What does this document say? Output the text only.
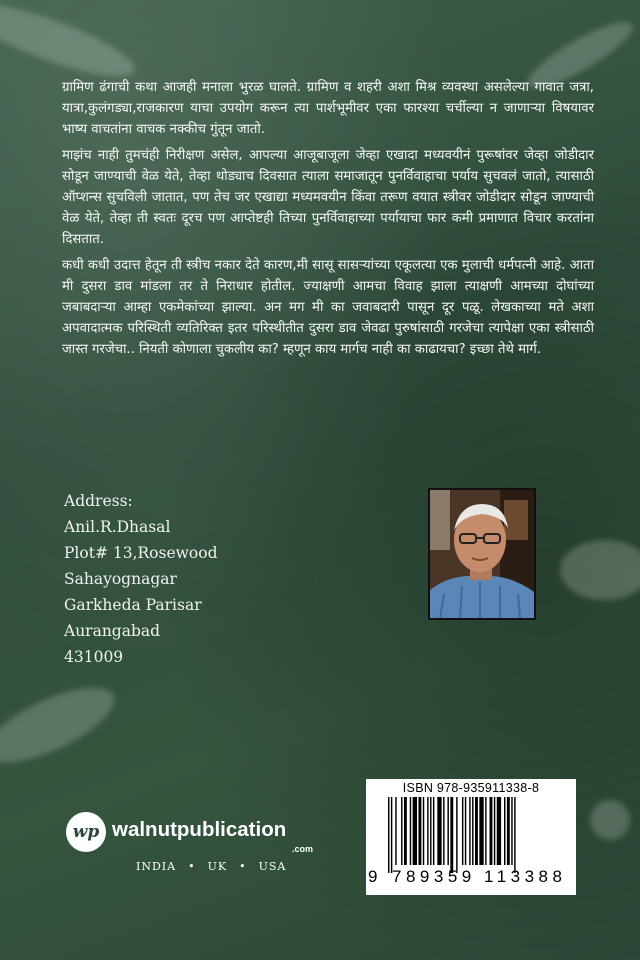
ग्रामिण ढंगाची कथा आजही मनाला भुरळ घालते. ग्रामिण व शहरी अशा मिश्र व्यवस्था असलेल्या गावात जत्रा, यात्रा,कुलंगड्या,राजकारण याचा उपयोग करून त्या पार्शभूमीवर एका फारश्या चर्चील्या न जाणाऱ्या विषयावर भाष्य वाचतांना वाचक नक्कीच गुंतून जातो.

माझंच नाही तुमचंही निरीक्षण असेल, आपल्या आजूबाजूला जेव्हा एखादा मध्यवयीनं पुरूषांवर जेव्हा जोडीदार सोडून जाण्याची वेळ येते, तेव्हा थोड्याच दिवसात त्याला समाजातून पुनर्विवाहाचा पर्याय सुचवलं जातो, त्यासाठी ऑप्शन्स सुचविली जातात, पण तेच जर एखाद्या मध्यमवयीन किंवा तरूण वयात स्त्रीवर जोडीदार सोडून जाण्याची वेळ येते, तेव्हा ती स्वतः दूरच पण आप्तेष्टही तिच्या पुनर्विवाहाच्या पर्यायाचा फार कमी प्रमाणात विचार करतांना दिसतात.

कधी कधी उदात्त हेतून ती स्त्रीच नकार देते कारण,मी सासू सासऱ्यांच्या एकूलत्या एक मुलाची धर्मपत्नी आहे. आता मी दुसरा डाव मांडला तर ते निराधार होतील. ज्याक्षणी आमचा विवाह झाला त्याक्षणी आमच्या दोघांच्या जबाबदाऱ्या आम्हा एकमेकांच्या झाल्या. अन मग मी का जवाबदारी पासून दूर पळू. लेखकाच्या मते अशा अपवादात्मक परिस्थिती व्यतिरिक्त इतर परिस्थीतीत दुसरा डाव जेवढा पुरुषांसाठी गरजेचा त्यापेक्षा एका स्त्रीसाठी जास्त गरजेचा.. नियती कोणाला चुकलीय का? म्हणून काय मार्गच नाही का काढायचा? इच्छा तेथे मार्ग.

Address:
Anil.R.Dhasal
Plot# 13,Rosewood
Sahayognagar
Garkheda Parisar
Aurangabad
431009
ISBN 978-935911338-8
9 789359 113388
wp walnutpublication
.com
INDIA • UK • USA
